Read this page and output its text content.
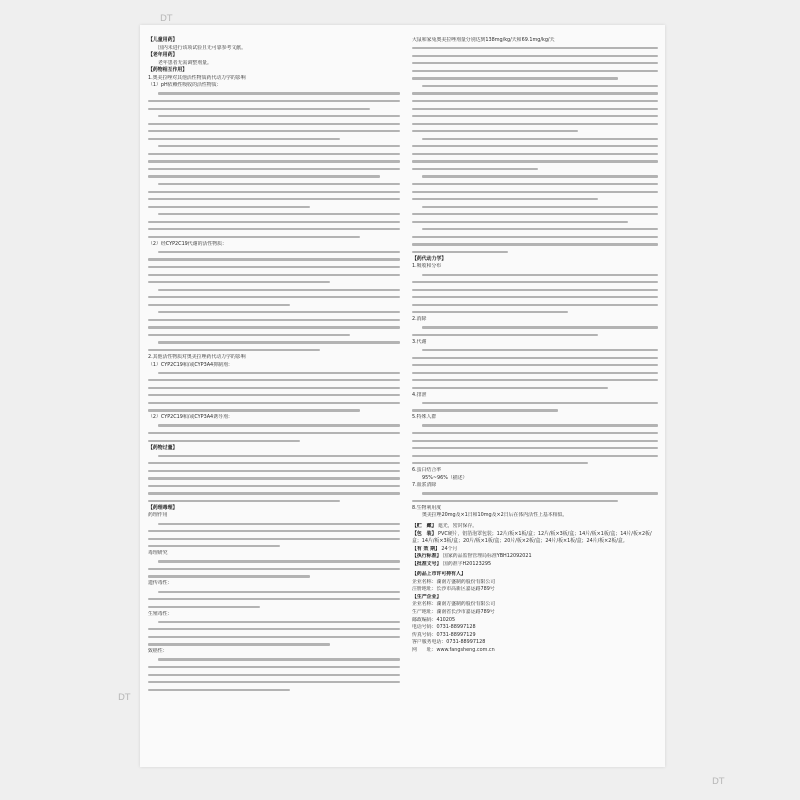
DT
DT
DT
【儿童用药】
国内未进行该项试验且无可靠参考文献。
【老年用药】
老年患者无需调整剂量。
【药物相互作用】
1.奥美拉唑对其他活性物质药代动力学的影响
（1）pH依赖性吸收的活性物质：
（2）经CYP2C19代谢的活性物质：
2.其他活性物质对奥美拉唑药代动力学的影响
（1）CYP2C19和/或CYP3A4抑制剂：
（2）CYP2C19和/或CYP3A4诱导剂：
【药物过量】
【药理毒理】
药理作用
毒理研究
遗传毒性：
生殖毒性：
致癌性：
大鼠和家兔奥美拉唑剂量分别达到138mg/kg/天和69.1mg/kg/天
【药代动力学】
1.吸收和分布
2.消除
3.代谢
4.排泄
5.特殊人群
6.蛋白结合率
95%~96%（描述）
7.血浆清除
8.生物利用度
奥美拉唑20mg及×1日和10mg及×2日后在体内活性上基本相似。
【贮　藏】 遮光，密封保存。
【包　装】 PVC硬片，铝箔泡罩包装；12片/板×1板/盒；12片/板×3板/盒；14片/板×1板/盒；14片/板×2板/盒；14片/板×3板/盒；20片/板×1板/盒；20片/板×2板/盒；24片/板×1板/盒；24片/板×2板/盒。
【有 效 期】 24个月
【执行标准】 国家药品监督管理局标准YBH12092021
【批准文号】 国药准字H20123295
【药品上市许可持有人】
企业名称：湖南方盛制药股份有限公司
注册地址：长沙市高新区嘉运路789号
【生产企业】
企业名称：湖南方盛制药股份有限公司
生产地址：湖南省长沙市嘉运路789号
邮政编码：410205
电话号码：0731-88997128
传真号码：0731-88997129
客户服务电话：0731-88997128
网　　址：www.fangsheng.com.cn
